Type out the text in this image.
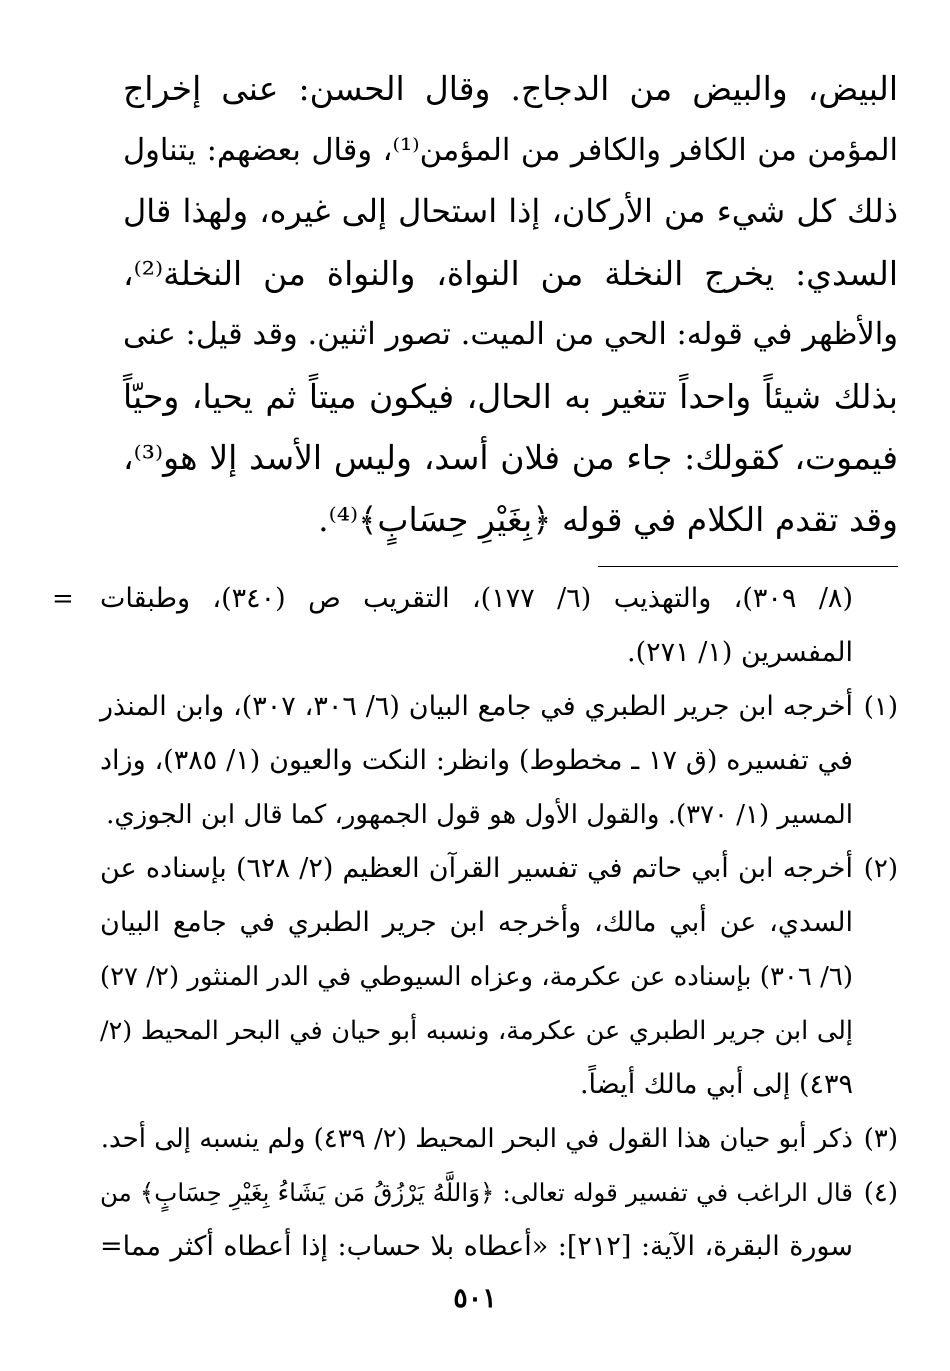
البيض، والبيض من الدجاج. وقال الحسن: عنى إخراج
المؤمن من الكافر والكافر من المؤمن⁽¹⁾، وقال بعضهم: يتناول
ذلك كل شيء من الأركان، إذا استحال إلى غيره، ولهذا قال
السدي: يخرج النخلة من النواة، والنواة من النخلة⁽²⁾،
والأظهر في قوله: الحي من الميت. تصور اثنين. وقد قيل: عنى
بذلك شيئاً واحداً تتغير به الحال، فيكون ميتاً ثم يحيا، وحيّاً
فيموت، كقولك: جاء من فلان أسد، وليس الأسد إلا هو⁽³⁾،
وقد تقدم الكلام في قوله ﴿بِغَيْرِ حِسَابٍ﴾⁽⁴⁾.
= (٨/ ٣٠٩)، والتهذيب (٦/ ١٧٧)، التقريب ص (٣٤٠)، وطبقات
المفسرين (١/ ٢٧١).
(١)
أخرجه ابن جرير الطبري في جامع البيان (٦/ ٣٠٦، ٣٠٧)، وابن المنذر
في تفسيره (ق ١٧ ـ مخطوط) وانظر: النكت والعيون (١/ ٣٨٥)، وزاد
المسير (١/ ٣٧٠). والقول الأول هو قول الجمهور، كما قال ابن الجوزي.
(٢)
أخرجه ابن أبي حاتم في تفسير القرآن العظيم (٢/ ٦٢٨) بإسناده عن
السدي، عن أبي مالك، وأخرجه ابن جرير الطبري في جامع البيان
(٦/ ٣٠٦) بإسناده عن عكرمة، وعزاه السيوطي في الدر المنثور (٢/ ٢٧)
إلى ابن جرير الطبري عن عكرمة، ونسبه أبو حيان في البحر المحيط (٢/
٤٣٩) إلى أبي مالك أيضاً.
(٣)
ذكر أبو حيان هذا القول في البحر المحيط (٢/ ٤٣٩) ولم ينسبه إلى أحد.
(٤)
قال الراغب في تفسير قوله تعالى: ﴿وَاللَّهُ يَرْزُقُ مَن يَشَاءُ بِغَيْرِ حِسَابٍ﴾ من
سورة البقرة، الآية: [٢١٢]: «أعطاه بلا حساب: إذا أعطاه أكثر مما=
٥٠١
